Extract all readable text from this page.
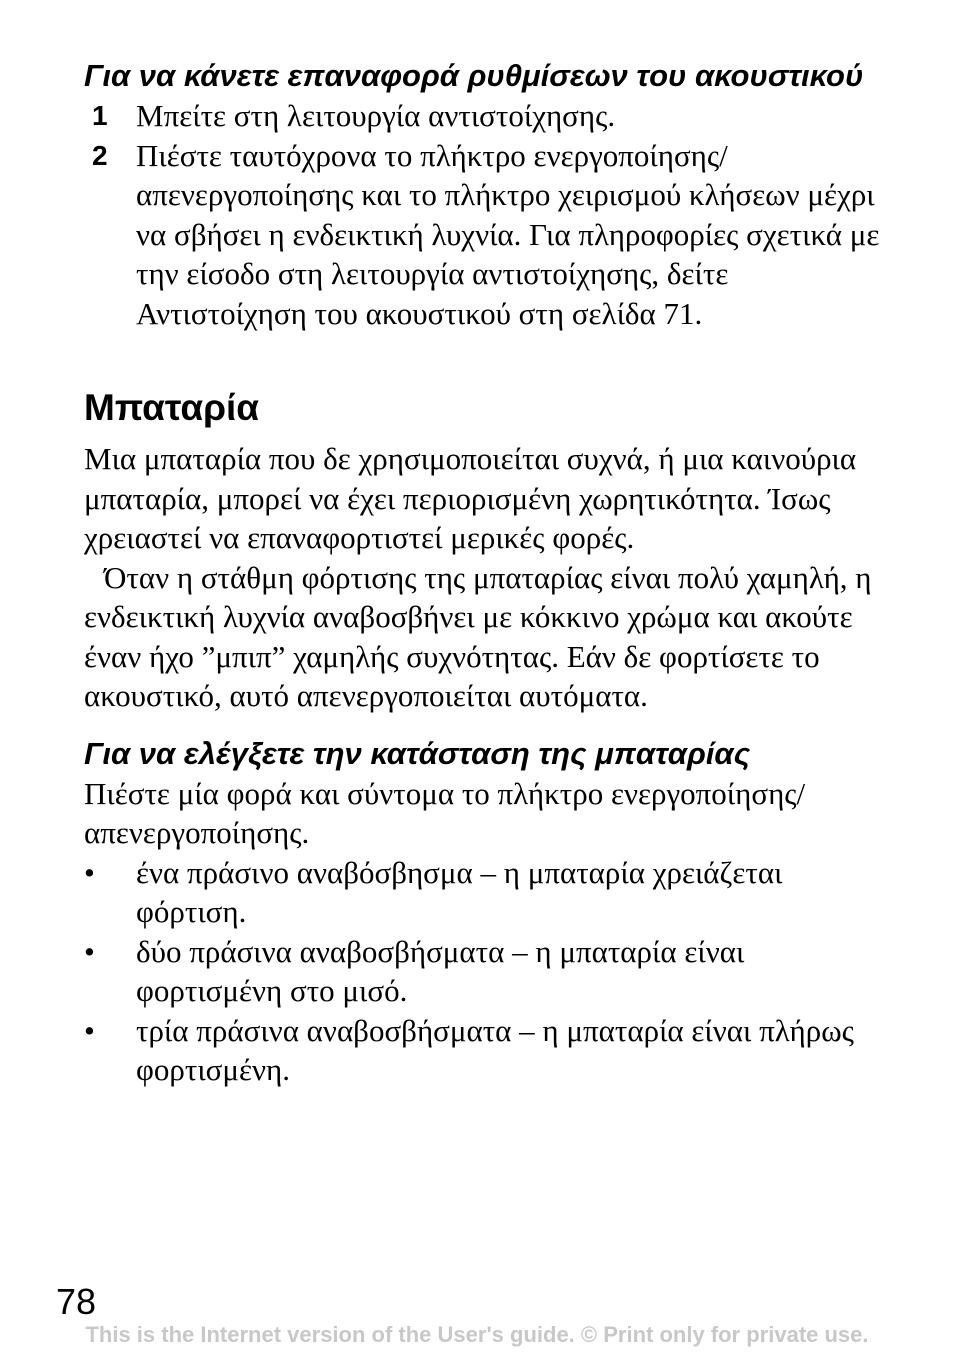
Για να κάνετε επαναφορά ρυθμίσεων του ακουστικού
1 Μπείτε στη λειτουργία αντιστοίχησης.
2 Πιέστε ταυτόχρονα το πλήκτρο ενεργοποίησης/ απενεργοποίησης και το πλήκτρο χειρισμού κλήσεων μέχρι να σβήσει η ενδεικτική λυχνία. Για πληροφορίες σχετικά με την είσοδο στη λειτουργία αντιστοίχησης, δείτε Αντιστοίχηση του ακουστικού στη σελίδα 71.
Μπαταρία

Μια μπαταρία που δε χρησιμοποιείται συχνά, ή μια καινούρια μπαταρία, μπορεί να έχει περιορισμένη χωρητικότητα. Ίσως χρειαστεί να επαναφορτιστεί μερικές φορές.

Όταν η στάθμη φόρτισης της μπαταρίας είναι πολύ χαμηλή, η ενδεικτική λυχνία αναβοσβήνει με κόκκινο χρώμα και ακούτε έναν ήχο ”μπιπ” χαμηλής συχνότητας. Εάν δε φορτίσετε το ακουστικό, αυτό απενεργοποιείται αυτόματα.

Για να ελέγξετε την κατάσταση της μπαταρίας

Πιέστε μία φορά και σύντομα το πλήκτρο ενεργοποίησης/απενεργοποίησης.

•	ένα πράσινο αναβόσβησμα – η μπαταρία χρειάζεται φόρτιση.
•	δύο πράσινα αναβοσβήσματα – η μπαταρία είναι φορτισμένη στο μισό.
•	τρία πράσινα αναβοσβήσματα – η μπαταρία είναι πλήρως φορτισμένη.

78

This is the Internet version of the User's guide. © Print only for private use.
